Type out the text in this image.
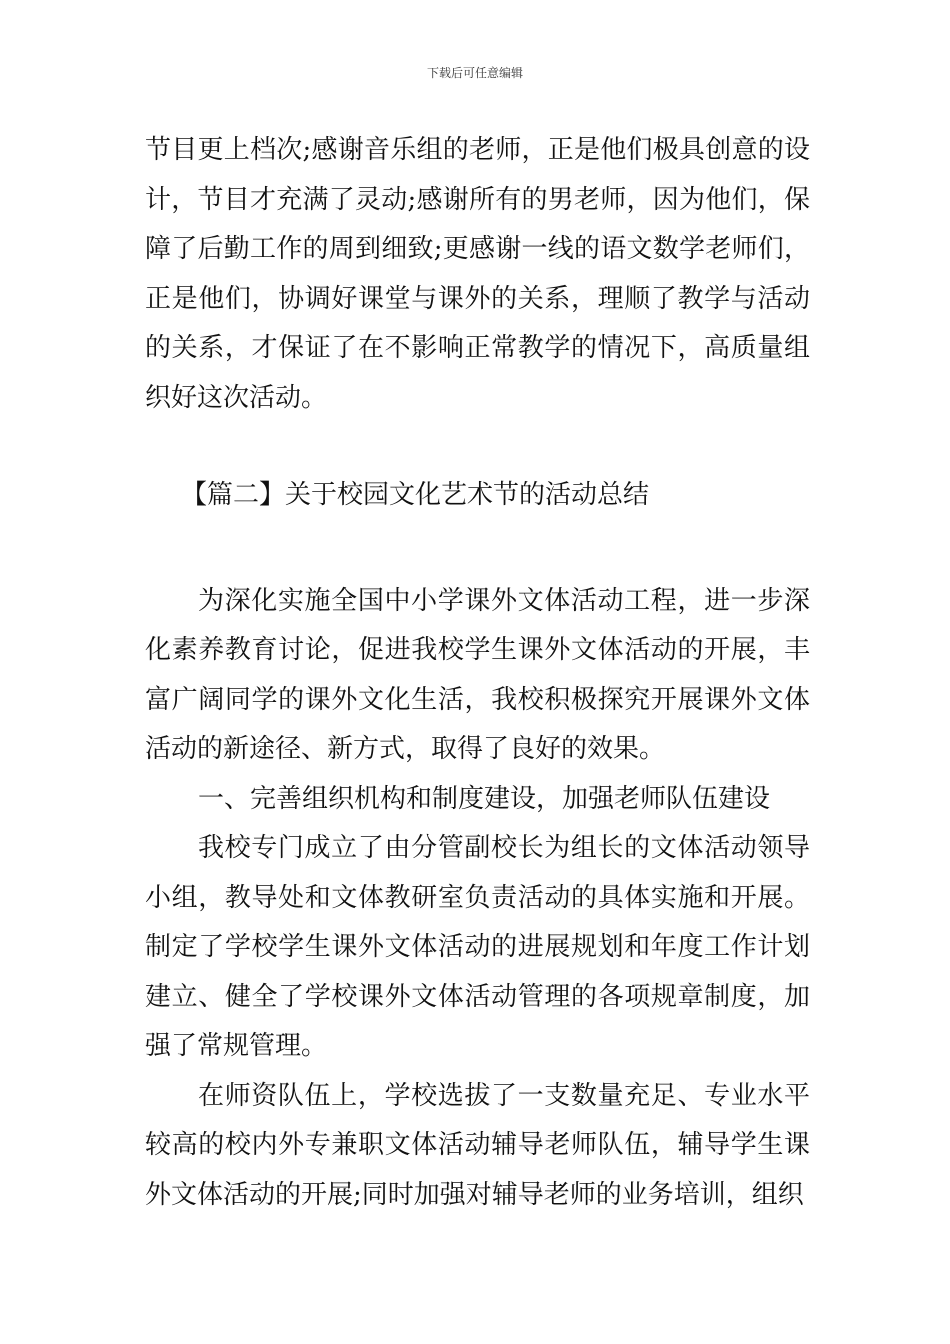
下载后可任意编辑

节目更上档次;感谢音乐组的老师，正是他们极具创意的设计，节目才充满了灵动;感谢所有的男老师，因为他们，保障了后勤工作的周到细致;更感谢一线的语文数学老师们，正是他们，协调好课堂与课外的关系，理顺了教学与活动的关系，才保证了在不影响正常教学的情况下，高质量组织好这次活动。

【篇二】关于校园文化艺术节的活动总结

为深化实施全国中小学课外文体活动工程，进一步深化素养教育讨论，促进我校学生课外文体活动的开展，丰富广阔同学的课外文化生活，我校积极探究开展课外文体活动的新途径、新方式，取得了良好的效果。

一、完善组织机构和制度建设，加强老师队伍建设

我校专门成立了由分管副校长为组长的文体活动领导小组，教导处和文体教研室负责活动的具体实施和开展。制定了学校学生课外文体活动的进展规划和年度工作计划建立、健全了学校课外文体活动管理的各项规章制度，加强了常规管理。

在师资队伍上，学校选拔了一支数量充足、专业水平较高的校内外专兼职文体活动辅导老师队伍，辅导学生课外文体活动的开展;同时加强对辅导老师的业务培训，组织
